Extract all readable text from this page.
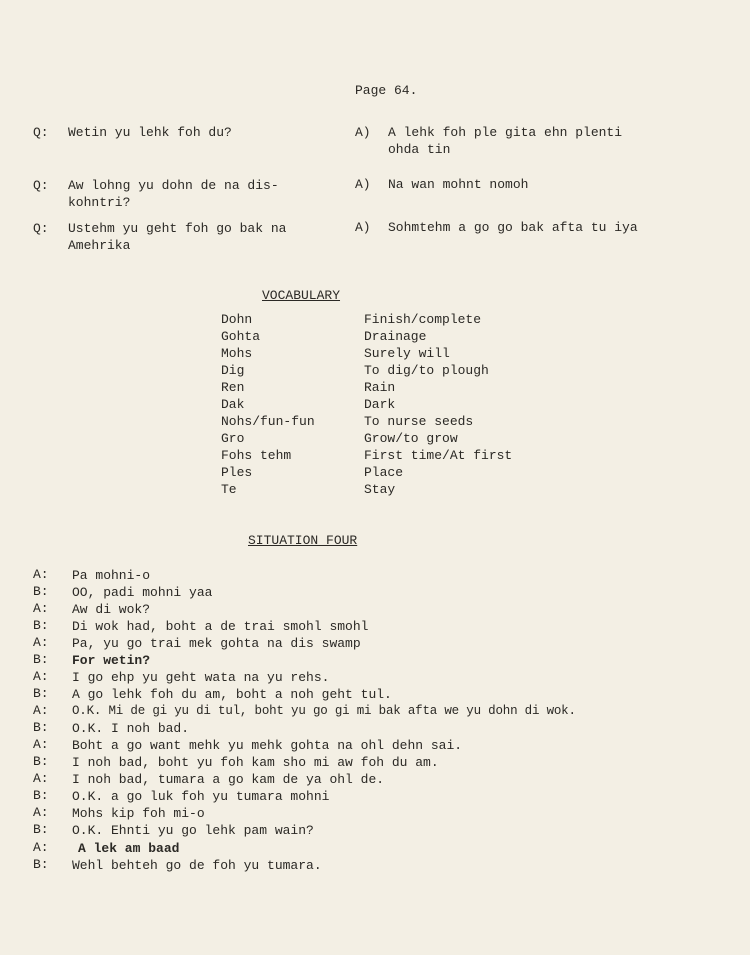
Page 64.
Q: Wetin yu lehk foh du?	A) A lehk foh ple gita ehn plenti
ohda tin
Q: Aw lohng yu dohn de na dis-
kohntri?
A) Na wan mohnt nomoh
Q: Ustehm yu geht foh go bak na
Amehrika
A) Sohmtehm a go go bak afta tu iya
VOCABULARY
Dohn	Finish/complete
Gohta	Drainage
Mohs	Surely will
Dig	To dig/to plough
Ren	Rain
Dak	Dark
Nohs/fun-fun	To nurse seeds
Gro	Grow/to grow
Fohs tehm	First time/At first
Ples	Place
Te	Stay
SITUATION FOUR
A:	Pa mohni-o
B:	OO, padi mohni yaa
A:	Aw di wok?
B:	Di wok had, boht a de trai smohl smohl
A:	Pa, yu go trai mek gohta na dis swamp
B:	For wetin?
A:	I go ehp yu geht wata na yu rehs.
B:	A go lehk foh du am, boht a noh geht tul.
A:	O.K. Mi de gi yu di tul, boht yu go gi mi bak afta we yu dohn di wok.
B:	O.K. I noh bad.
A:	Boht a go want mehk yu mehk gohta na ohl dehn sai.
B:	I noh bad, boht yu foh kam sho mi aw foh du am.
A:	I noh bad, tumara a go kam de ya ohl de.
B:	O.K. a go luk foh yu tumara mohni
A:	Mohs kip foh mi-o
B:	O.K. Ehnti yu go lehk pam wain?
A:	A lek am baad
B:	Wehl behteh go de foh yu tumara.
